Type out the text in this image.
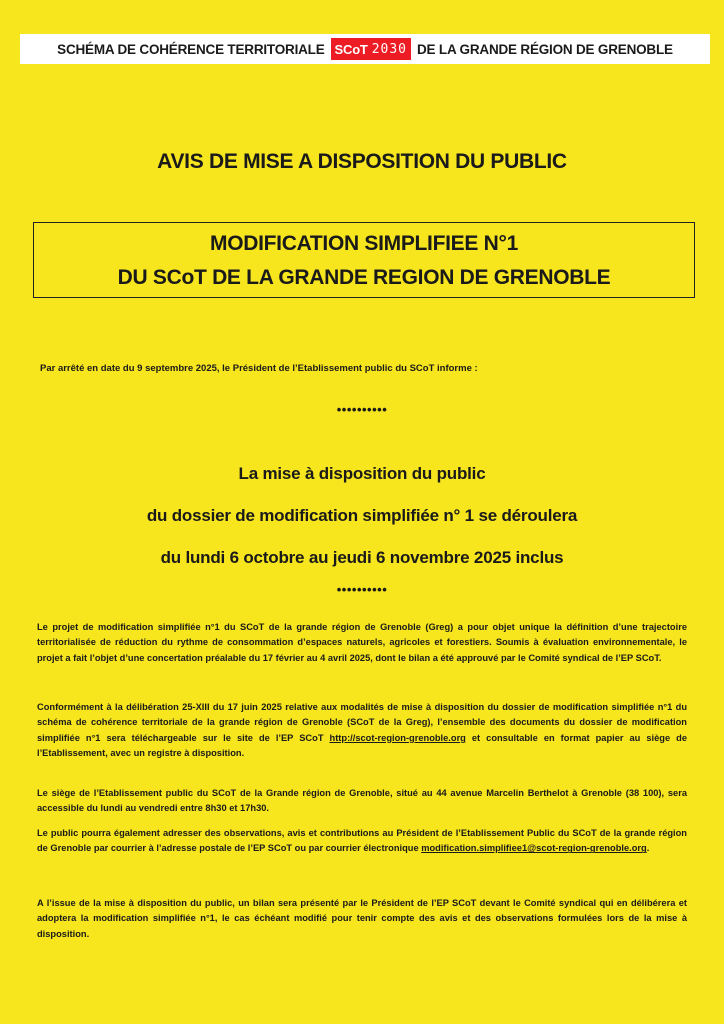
SCHÉMA DE COHÉRENCE TERRITORIALE SCoT 2030 DE LA GRANDE RÉGION DE GRENOBLE
AVIS DE MISE A DISPOSITION DU PUBLIC
MODIFICATION SIMPLIFIEE N°1
DU SCoT DE LA GRANDE REGION DE GRENOBLE
Par arrêté en date du 9 septembre 2025, le Président de l’Etablissement public du SCoT informe :
••••••••••
La mise à disposition du public
du dossier de modification simplifiée n° 1 se déroulera
du lundi 6 octobre au jeudi 6 novembre 2025 inclus
••••••••••
Le projet de modification simplifiée n°1 du SCoT de la grande région de Grenoble (Greg) a pour objet unique la définition d’une trajectoire territorialisée de réduction du rythme de consommation d’espaces naturels, agricoles et forestiers. Soumis à évaluation environnementale, le projet a fait l’objet d’une concertation préalable du 17 février au 4 avril 2025, dont le bilan a été approuvé par le Comité syndical de l’EP SCoT.
Conformément à la délibération 25-XIII du 17 juin 2025 relative aux modalités de mise à disposition du dossier de modification simplifiée n°1 du schéma de cohérence territoriale de la grande région de Grenoble (SCoT de la Greg), l’ensemble des documents du dossier de modification simplifiée n°1 sera téléchargeable sur le site de l’EP SCoT http://scot-region-grenoble.org et consultable en format papier au siège de l’Etablissement, avec un registre à disposition.
Le siège de l’Etablissement public du SCoT de la Grande région de Grenoble, situé au 44 avenue Marcelin Berthelot à Grenoble (38 100), sera accessible du lundi au vendredi entre 8h30 et 17h30.
Le public pourra également adresser des observations, avis et contributions au Président de l’Etablissement Public du SCoT de la grande région de Grenoble par courrier à l’adresse postale de l’EP SCoT ou par courrier électronique modification.simplifiee1@scot-region-grenoble.org.
A l’issue de la mise à disposition du public, un bilan sera présenté par le Président de l’EP SCoT devant le Comité syndical qui en délibérera et adoptera la modification simplifiée n°1, le cas échéant modifié pour tenir compte des avis et des observations formulées lors de la mise à disposition.
